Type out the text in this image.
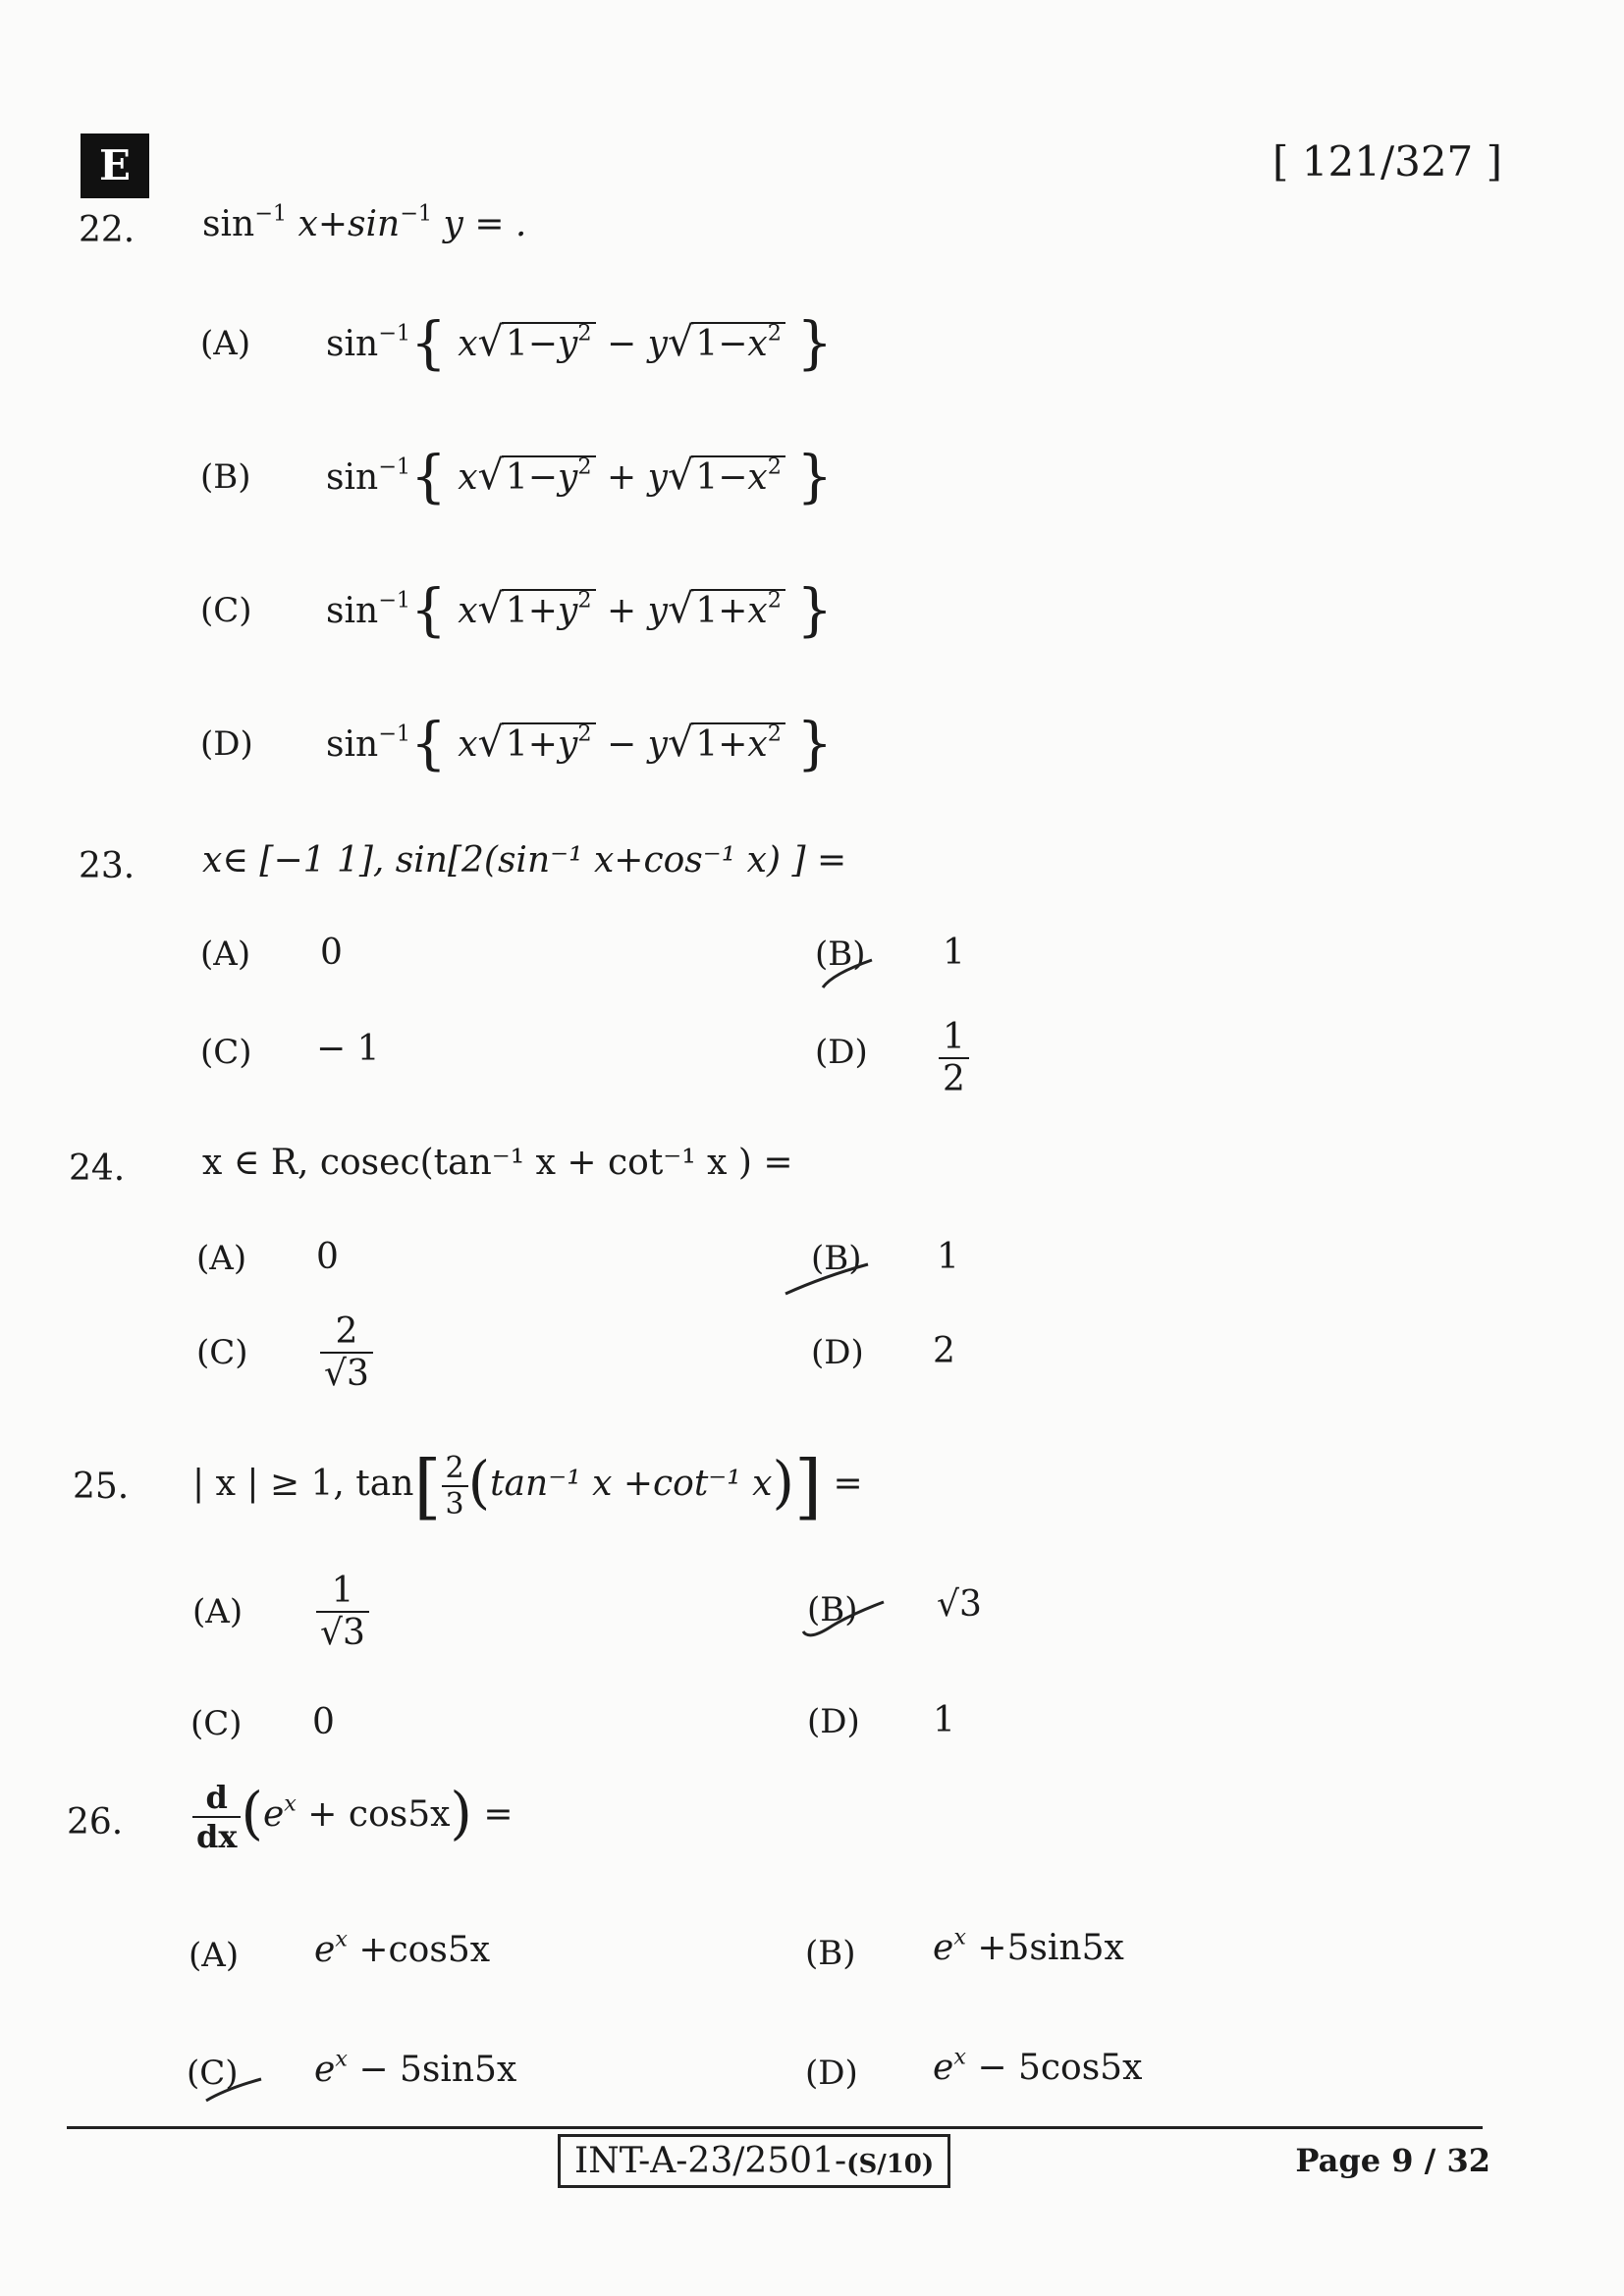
E	[ 121/327 ]
22. $\sin^{-1} x+\sin^{-1}$ y = .
(A) $\sin^{-1}${ $x√1-y^2 - y√1-x^2$ }
(B) $\sin^{-1}${ $x√1-y^2 + y√1-x^2$ }
(C) $\sin^{-1}${ $x√1+y^2 + y√1+x^2$ }
(D) $\sin^{-1}${ $x√1+y^2 - y√1+x^2$ }
23. x∈ [−1 1], sin[2(sin⁻¹ x+cos⁻¹ x) ] =
(A) 0	(B) 1
(C) − 1	$(D) \frac{1}{2}$
24. x ∈ R, cosec(tan⁻¹ x + cot⁻¹ x ) =
(A) 0	(B) 1
$(C) \frac{2}{√3}$	(D) 2
25. | x | ≥ 1, $\tan[ \frac{2}{3} (\tan^{-1}$ x +cot⁻¹ x)] =
$(A) \frac{1}{√3}$	(B) √3
(C) 0	(D) 1
26. $\frac{d}{dx} (e^x + \cos 5x)$ =
(A) $e^x +\cos 5x$	(B) $e^x +5\sin 5x$
(C) $e^x - 5\sin 5x$	(D) $e^x - 5\cos 5x$
INT-A-23/2501-(S/10)	Page 9 / 32
